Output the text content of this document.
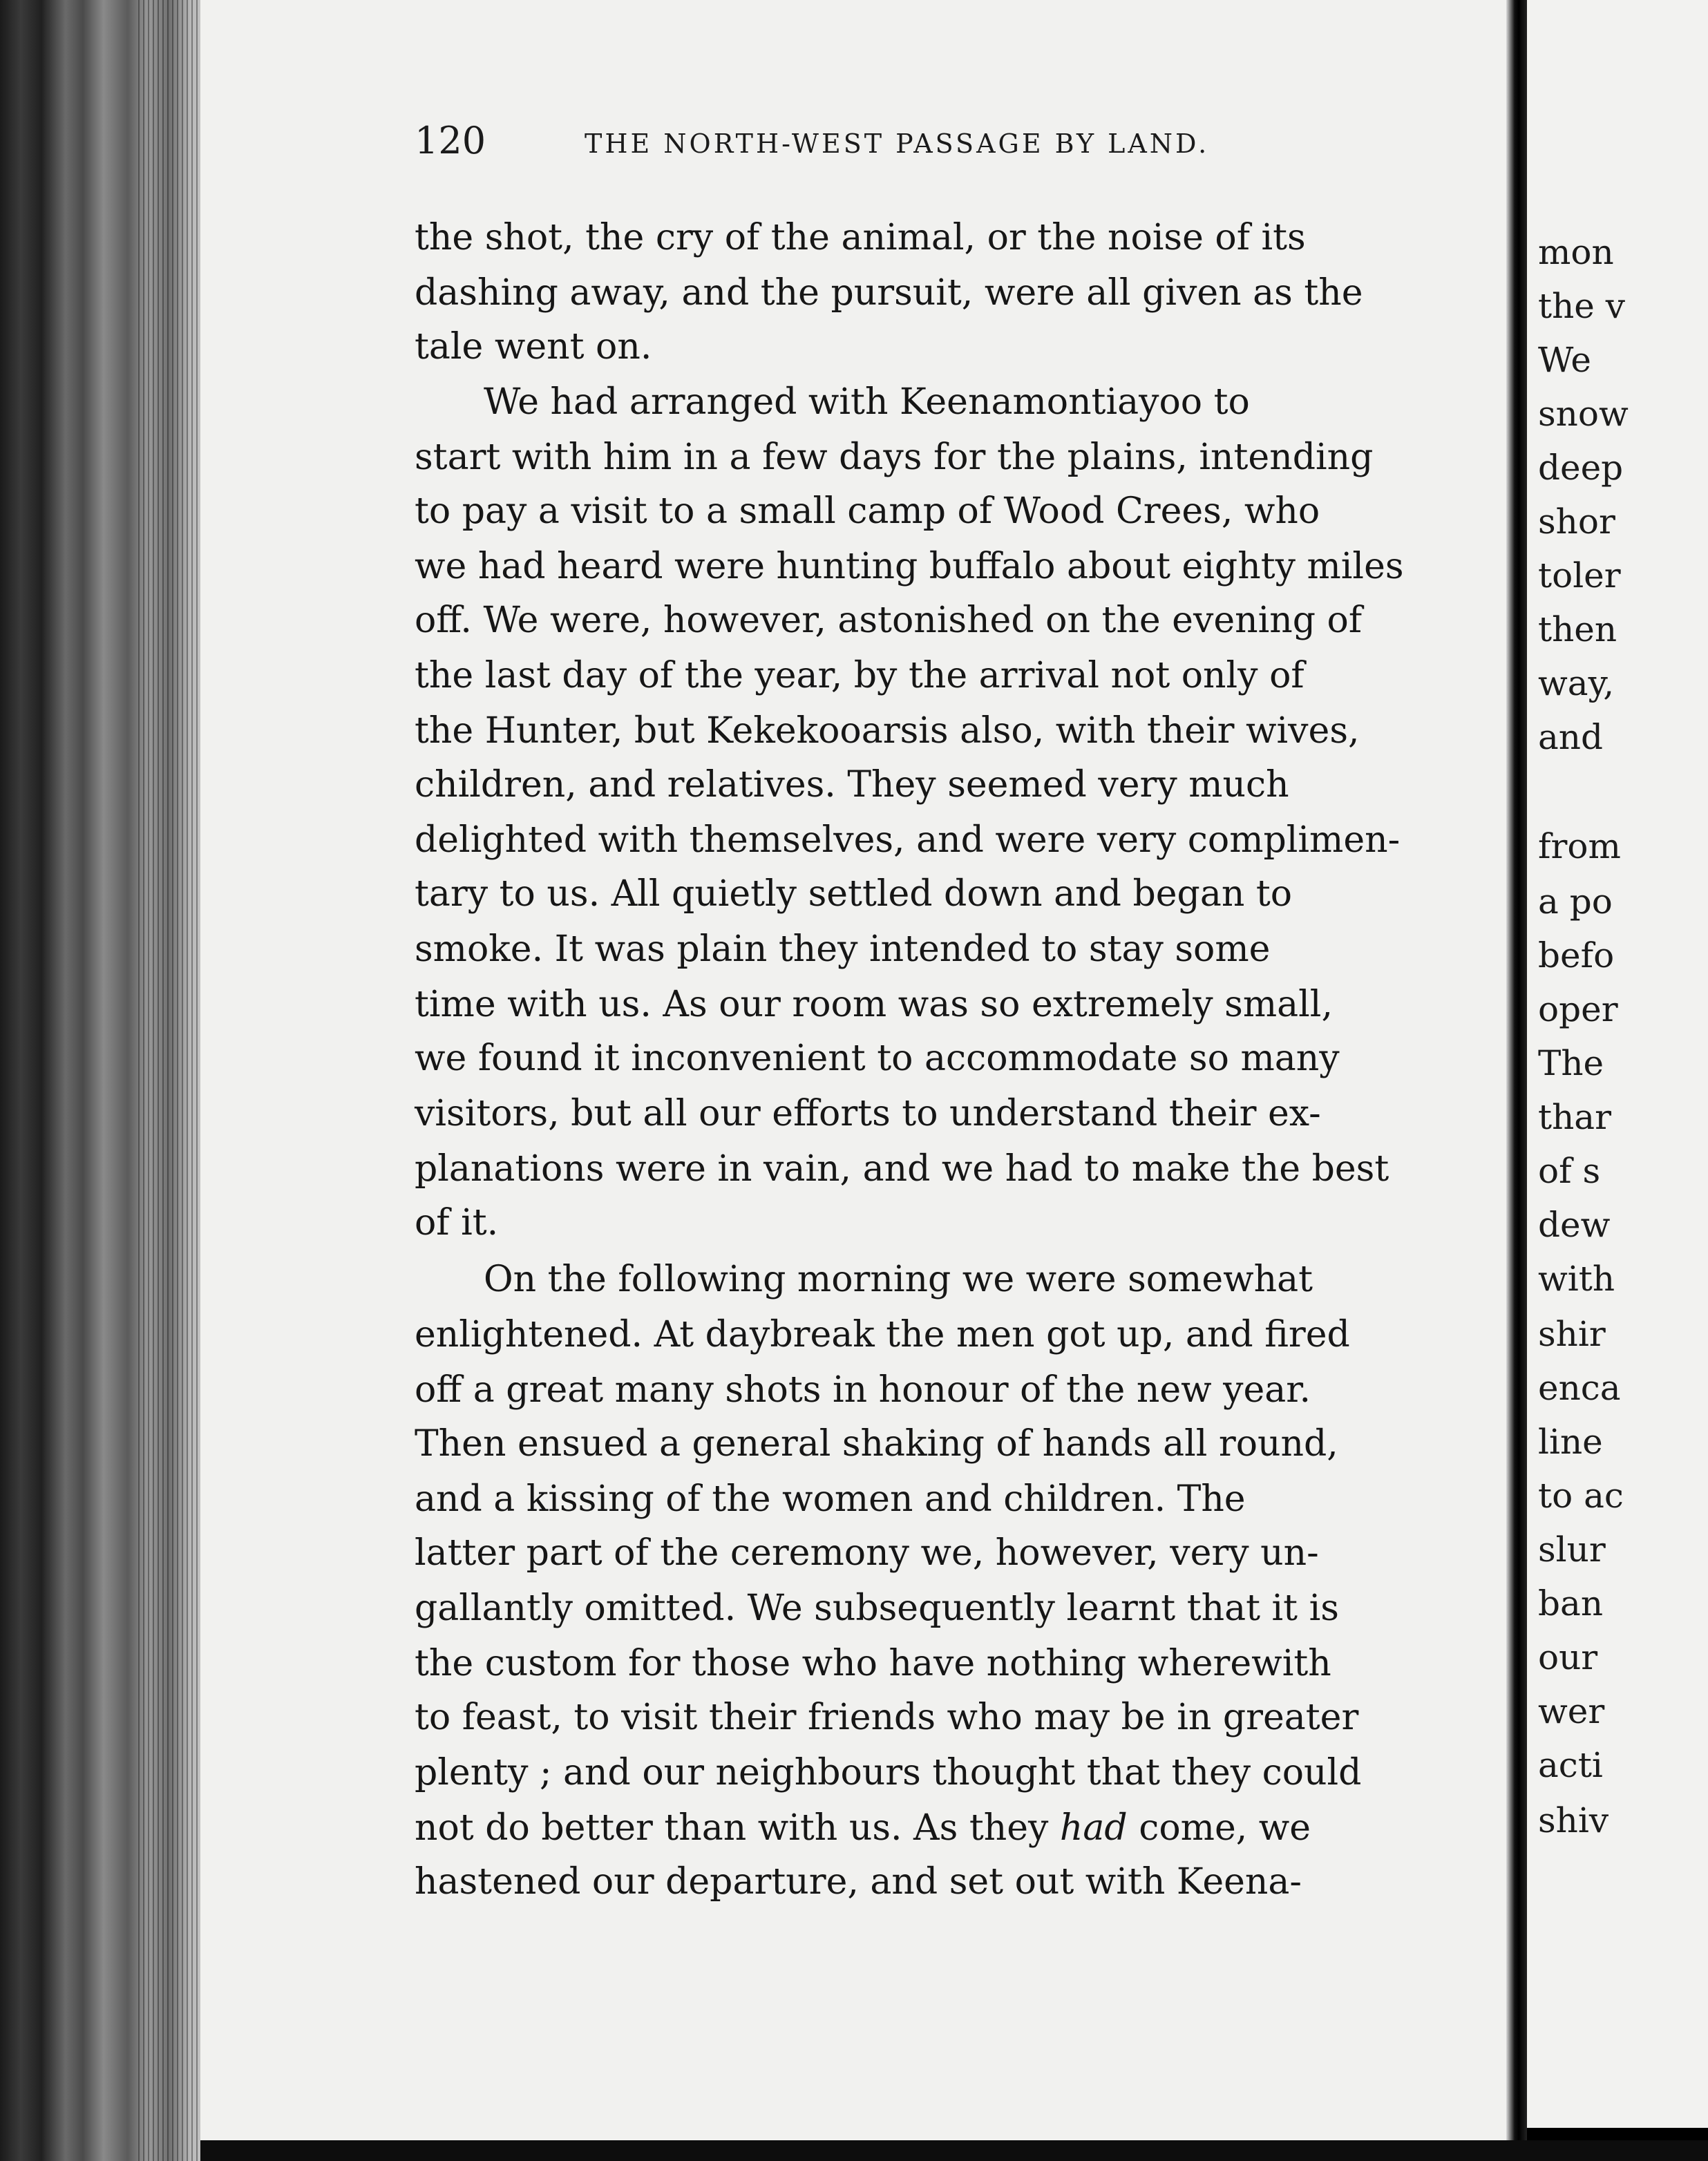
mon
the v
We
snow
deep
shor
toler
then
way,
and
from
a po
befo
oper
The
thar
of s
dew
with
shir
enca
line
to ac
slur
ban
our
wer
acti
shiv
120	THE NORTH-WEST PASSAGE BY LAND.
the shot, the cry of the animal, or the noise of its
dashing away, and the pursuit, were all given as the
tale went on.
We had arranged with Keenamontiayoo to
start with him in a few days for the plains, intending
to pay a visit to a small camp of Wood Crees, who
we had heard were hunting buffalo about eighty miles
off. We were, however, astonished on the evening of
the last day of the year, by the arrival not only of
the Hunter, but Kekekooarsis also, with their wives,
children, and relatives. They seemed very much
delighted with themselves, and were very complimen-
tary to us. All quietly settled down and began to
smoke. It was plain they intended to stay some
time with us. As our room was so extremely small,
we found it inconvenient to accommodate so many
visitors, but all our efforts to understand their ex-
planations were in vain, and we had to make the best
of it.
On the following morning we were somewhat
enlightened. At daybreak the men got up, and fired
off a great many shots in honour of the new year.
Then ensued a general shaking of hands all round,
and a kissing of the women and children. The
latter part of the ceremony we, however, very un-
gallantly omitted. We subsequently learnt that it is
the custom for those who have nothing wherewith
to feast, to visit their friends who may be in greater
plenty ; and our neighbours thought that they could
not do better than with us. As they had come, we
hastened our departure, and set out with Keena-
